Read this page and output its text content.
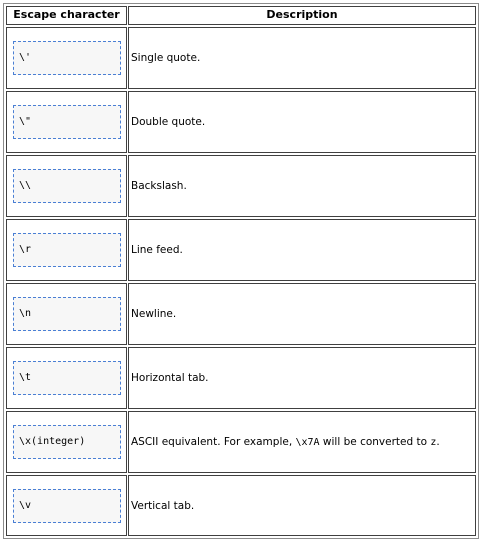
Escape character	Description
\'	Single quote.
\"	Double quote.
\\	Backslash.
\r	Line feed.
\n	Newline.
\t	Horizontal tab.
\x(integer)	ASCII equivalent. For example, \x7A will be converted to z.
\v	Vertical tab.
